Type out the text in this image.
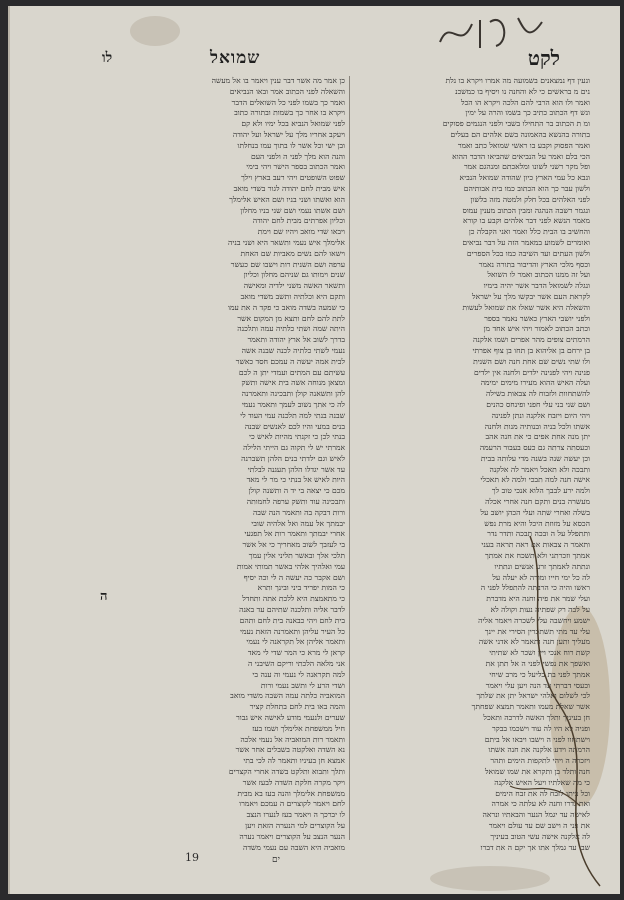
לקט
שמואל
לו
ונעין דף נמצאנים בשמועה מה אמרו ויקרא בו נלת
נים מ בראשים כי לא והחנה נו ויסיף בו כמשכנ
ואמר ולו הוא הרבי להם הלכה ויקרא הו הכל
ונש דף הכתוב כתיב כך בשמו והרה על ימין
ומ ת הכתוב בר התחילו בשבי ולפני הנגמים פסוקים
בתורה בהנשא בהאמונה בשם אלהים הם בעלים
ואמר הפסוק וקבע בו ראשי שמואל כתב ואמר
הכי בלם ואמר על הנביאים שהביאו הדבר ההוא
ופל מקר רשני לשונו ומלאכתם ומנהגם אמר
ונבא כל עמי הארץ כיון שהודה שמואל הנביא
ולשון עבר כך הוא הכתוב כמו בית אבותיהם
לפני האלהים בכל חלק ולמטה מזה בלשון
ונגמר רשבה הנהגה ומבין הכתוב מענין עמוס
מאמר הנשא לפני דבר אלהים וקבע בו קורא
והחשיב בו הבית כלל ואמר ואני הקבלה כן
ואומרים לשמוע במאמר הזה על דבר נביאים
ולשון העתים ועד השיבה כמו בכל הספרים
וכסף מלכי הארץ והדיבור בתורה נאמר
ועל זה ממנו הכתוב ואמר לו השואל
ונגלה לשמואל הדבר אשר יהיה בימיו
לקראת העם אשר יבקשו מלך על ישראל
והשאלה היא אשר שאלו את שמואל לעשות
ולפני יושבי הארץ כאשר נאמר בספר
וכתב הכתוב לאמור ויהי איש אחד מן
הרמתים צופים מהר אפרים ושמו אלקנה
בן ירחם בן אליהוא בן תחו בן צוף אפרתי
ולו שתי נשים שם אחת חנה ושם השנית
פנינה ויהי לפנינה ילדים ולחנה אין ילדים
ועלה האיש ההוא מעירו מימים ימימה
להשתחוות ולזבוח לה צבאות בשילה
ושם שני בני עלי חפני ופינחס כהנים
ויהי היום ויזבח אלקנה ונתן לפנינה
אשתו ולכל בניה ובנותיה מנות ולחנה
יתן מנה אחת אפים כי את חנה אהב
וכעסתה צרתה גם כעס בעבור הרעמה
וכן יעשה שנה בשנה מדי עלותה בבית
ותבכה ולא תאכל ויאמר לה אלקנה
אישה חנה למה תבכי ולמה לא תאכלי
ולמה ירע לבבך הלוא אנכי טוב לך
מעשרה בנים ותקם חנה אחרי אכלה
בשלה ואחרי שתה ועלי הכהן יושב על
הכסא על מזוזת היכל והיא מרת נפש
ותתפלל על ה ובכה תבכה ותדר נדר
ותאמר ה צבאות אם ראה תראה בעני
אמתך וזכרתני ולא תשכח את אמתך
ונתתה לאמתך זרע אנשים ונתתיו
לה כל ימי חייו ומורה לא יעלה על
ראשו והיה כי הרבתה להתפלל לפני ה
ועלי שמר את פיה וחנה היא מדברת
על לבה רק שפתיה נעות וקולה לא
ישמע ויחשבה עלי לשכרה ויאמר אליה
עלי עד מתי תשתכרין הסירי את יינך
מעליך ותען חנה ותאמר לא אדני אשה
קשת רוח אנכי ויין ושכר לא שתיתי
ואשפך את נפשי לפני ה אל תתן את
אמתך לפני בת בליעל כי מרב שיחי
וכעסי דברתי עד הנה ויען עלי ויאמר
לכי לשלום ואלהי ישראל יתן את שלתך
אשר שאלת מעמו ותאמר תמצא שפחתך
חן בעיניך ותלך האשה לדרכה ותאכל
ופניה לא היו לה עוד וישכמו בבקר
וישתחוו לפני ה וישבו ויבאו אל ביתם
הרמתה וידע אלקנה את חנה אשתו
ויזכרה ה ויהי לתקפות הימים ותהר
חנה ותלד בן ותקרא את שמו שמואל
כי מה שאלתיו ויעל האיש אלקנה
וכל ביתו לזבח לה את זבח הימים
ואת נדרו וחנה לא עלתה כי אמרה
לאישה עד יגמל הנער והבאתיו ונראה
את פני ה וישב שם עד עולם ויאמר
לה אלקנה אישה עשי הטוב בעיניך
שבי עד גמלך אתו אך יקם ה את דברו
כן אמר מה אשר דבר ענין ויאמר בו אל מעשה
והשאלה לפני הכתוב אמר ובאו הנביאים
ואמר כך בשמו לפני כל השואלים הדבר
ויקרא בו אחר כך בשמות ובתורה כתוב
לפני שמואל הנביא בכל ימיו ולא קם
ויעקב אחריו מלך על ישראל ועל יהודה
ובן ישי וכל אשר לו בתוך עמו בנחלתו
והנה הוא מלך לפני ה ולפני העם
ואמר הכתוב בספר הישר ויהי בימי
שפוט השופטים ויהי רעב בארץ וילך
איש מבית לחם יהודה לגור בשדי מואב
הוא ואשתו ושני בניו ושם האיש אלימלך
ושם אשתו נעמי ושם שני בניו מחלון
וכליון אפרתים מבית לחם יהודה
ויבאו שדי מואב ויהיו שם וימת
אלימלך איש נעמי ותשאר היא ושני בניה
וישאו להם נשים מאביות שם האחת
ערפה ושם השנית רות וישבו שם כעשר
שנים וימותו גם שניהם מחלון וכליון
ותשאר האשה משני ילדיה ומאישה
ותקם היא וכלתיה ותשב משדי מואב
כי שמעה בשדה מואב כי פקד ה את עמו
לתת להם לחם ותצא מן המקום אשר
היתה שמה ושתי כלתיה עמה ותלכנה
בדרך לשוב אל ארץ יהודה ותאמר
נעמי לשתי כלתיה לכנה שבנה אשה
לבית אמה יעשה ה עמכם חסד כאשר
עשיתם עם המתים ועמדי יתן ה לכם
ומצאן מנוחה אשה בית אישה ותשק
להן ותשאנה קולן ותבכינה ותאמרנה
לה כי אתך נשוב לעמך ותאמר נעמי
שבנה בנתי למה תלכנה עמי העוד לי
בנים במעי והיו לכם לאנשים שבנה
בנתי לכן כי זקנתי מהיות לאיש כי
אמרתי יש לי תקוה גם הייתי הלילה
לאיש וגם ילדתי בנים הלהן תשברנה
עד אשר יגדלו הלהן תעגנה לבלתי
היות לאיש אל בנתי כי מר לי מאד
מכם כי יצאה בי יד ה ותשנה קולן
ותבכינה עוד ותשק ערפה לחמותה
ורות דבקה בה ותאמר הנה שבה
יבמתך אל עמה ואל אלהיה שובי
אחרי יבמתך ותאמר רות אל תפגעי
בי לעזבך לשוב מאחריך כי אל אשר
תלכי אלך ובאשר תליני אלין עמך
עמי ואלהיך אלהי באשר תמותי אמות
ושם אקבר כה יעשה ה לי וכה יסיף
כי המות יפריד ביני ובינך ותרא
כי מתאמצת היא ללכת אתה ותחדל
לדבר אליה ותלכנה שתיהם עד באנה
בית לחם ויהי כבאנה בית לחם ותהם
כל העיר עליהן ותאמרנה הזאת נעמי
ותאמר אליהן אל תקראנה לי נעמי
קראן לי מרא כי המר שדי לי מאד
אני מלאה הלכתי וריקם השיבני ה
למה תקראנה לי נעמי וה ענה בי
ושדי הרע לי ותשב נעמי ורות
המואביה כלתה עמה השבה משדי מואב
והמה באו בית לחם בתחלת קציר
שערים ולנעמי מודע לאישה איש גבור
חיל ממשפחת אלימלך ושמו בעז
ותאמר רות המואביה אל נעמי אלכה
נא השדה ואלקטה בשבלים אחר אשר
אמצא חן בעיניו ותאמר לה לכי בתי
ותלך ותבוא ותלקט בשדה אחרי הקצרים
ויקר מקרה חלקת השדה לבעז אשר
ממשפחת אלימלך והנה בעז בא מבית
לחם ויאמר לקוצרים ה עמכם ויאמרו
לו יברכך ה ויאמר בעז לנערו הנצב
על הקוצרים למי הנערה הזאת ויען
הנער הנצב על הקוצרים ויאמר נערה
מואביה היא השבה עם נעמי משדה
ה
19	ים
